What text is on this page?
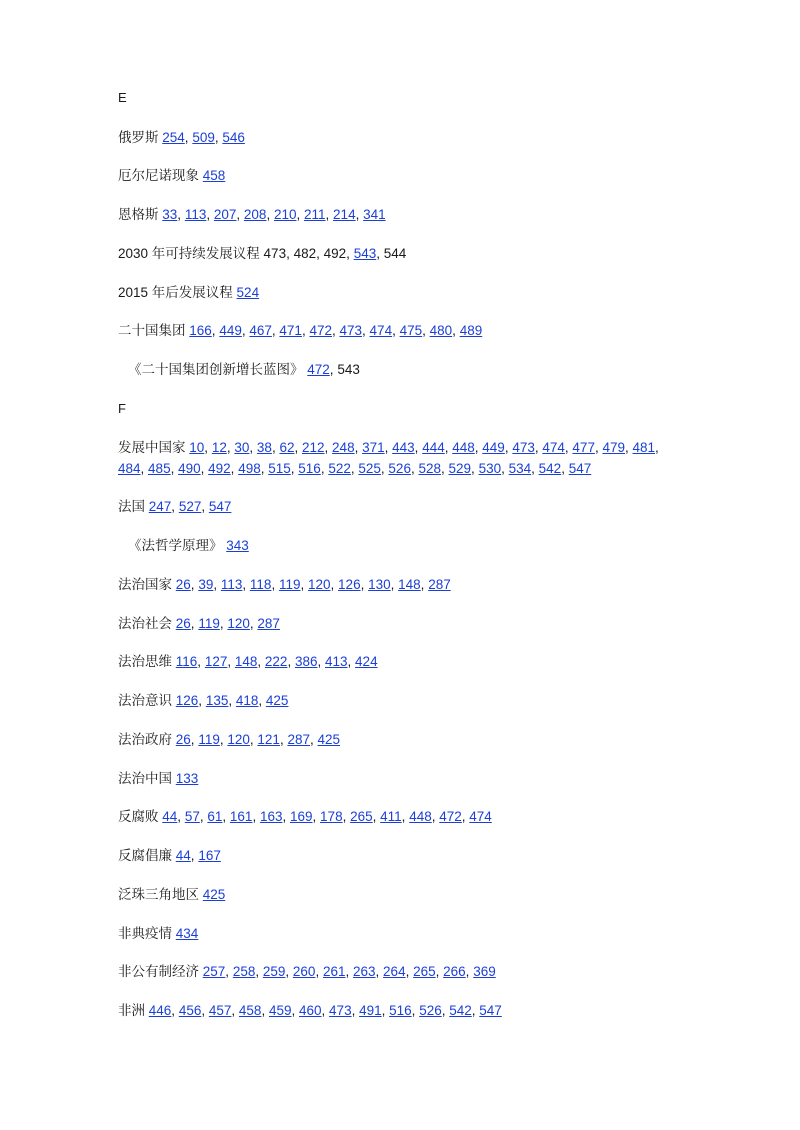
E

俄罗斯 254, 509, 546

厄尔尼诺现象 458

恩格斯 33, 113, 207, 208, 210, 211, 214, 341

2030 年可持续发展议程 473, 482, 492, 543, 544

2015 年后发展议程 524

二十国集团 166, 449, 467, 471, 472, 473, 474, 475, 480, 489

《二十国集团创新增长蓝图》 472, 543

F

发展中国家 10, 12, 30, 38, 62, 212, 248, 371, 443, 444, 448, 449, 473, 474, 477, 479, 481, 484, 485, 490, 492, 498, 515, 516, 522, 525, 526, 528, 529, 530, 534, 542, 547

法国 247, 527, 547

《法哲学原理》 343

法治国家 26, 39, 113, 118, 119, 120, 126, 130, 148, 287

法治社会 26, 119, 120, 287

法治思维 116, 127, 148, 222, 386, 413, 424

法治意识 126, 135, 418, 425

法治政府 26, 119, 120, 121, 287, 425

法治中国 133

反腐败 44, 57, 61, 161, 163, 169, 178, 265, 411, 448, 472, 474

反腐倡廉 44, 167

泛珠三角地区 425

非典疫情 434

非公有制经济 257, 258, 259, 260, 261, 263, 264, 265, 266, 369

非洲 446, 456, 457, 458, 459, 460, 473, 491, 516, 526, 542, 547
